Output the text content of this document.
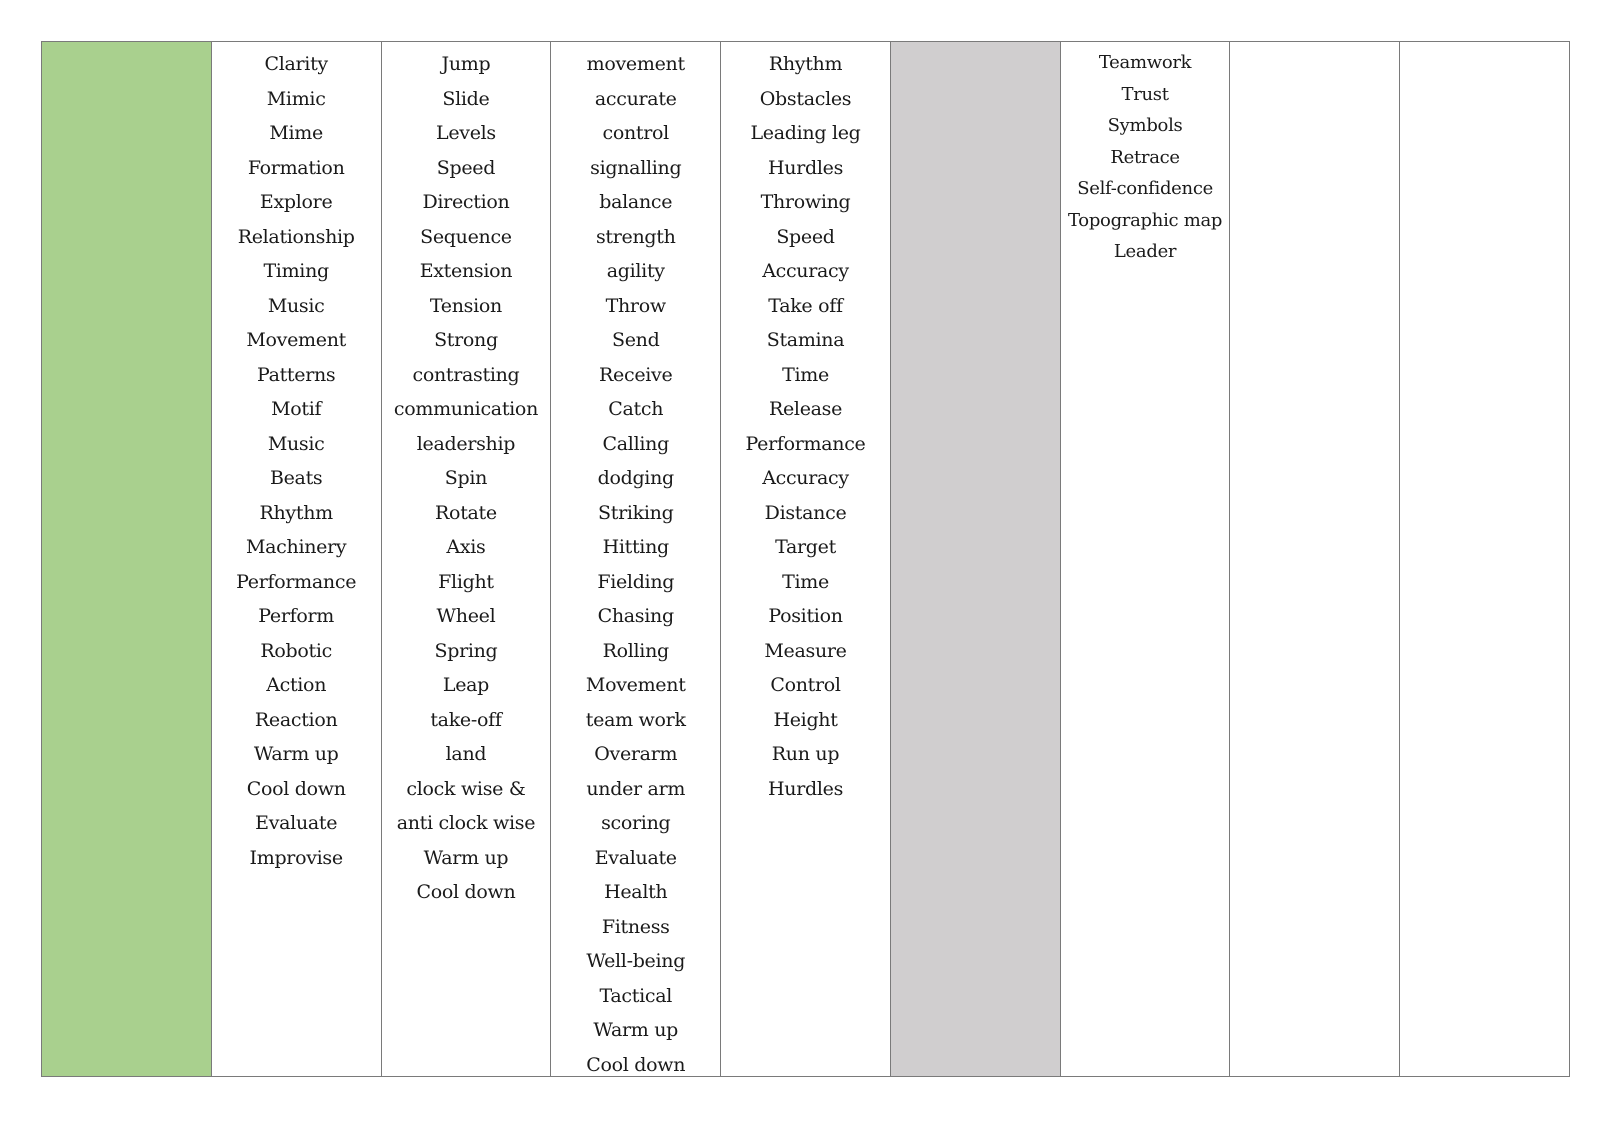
Clarity
Mimic
Mime
Formation
Explore
Relationship
Timing
Music
Movement
Patterns
Motif
Music
Beats
Rhythm
Machinery
Performance
Perform
Robotic
Action
Reaction
Warm up
Cool down
Evaluate
Improvise
Jump
Slide
Levels
Speed
Direction
Sequence
Extension
Tension
Strong
contrasting
communication
leadership
Spin
Rotate
Axis
Flight
Wheel
Spring
Leap
take-off
land
clock wise &
anti clock wise
Warm up
Cool down
movement
accurate
control
signalling
balance
strength
agility
Throw
Send
Receive
Catch
Calling
dodging
Striking
Hitting
Fielding
Chasing
Rolling
Movement
team work
Overarm
under arm
scoring
Evaluate
Health
Fitness
Well-being
Tactical
Warm up
Cool down
Rhythm
Obstacles
Leading leg
Hurdles
Throwing
Speed
Accuracy
Take off
Stamina
Time
Release
Performance
Accuracy
Distance
Target
Time
Position
Measure
Control
Height
Run up
Hurdles
Teamwork
Trust
Symbols
Retrace
Self-confidence
Topographic map
Leader
